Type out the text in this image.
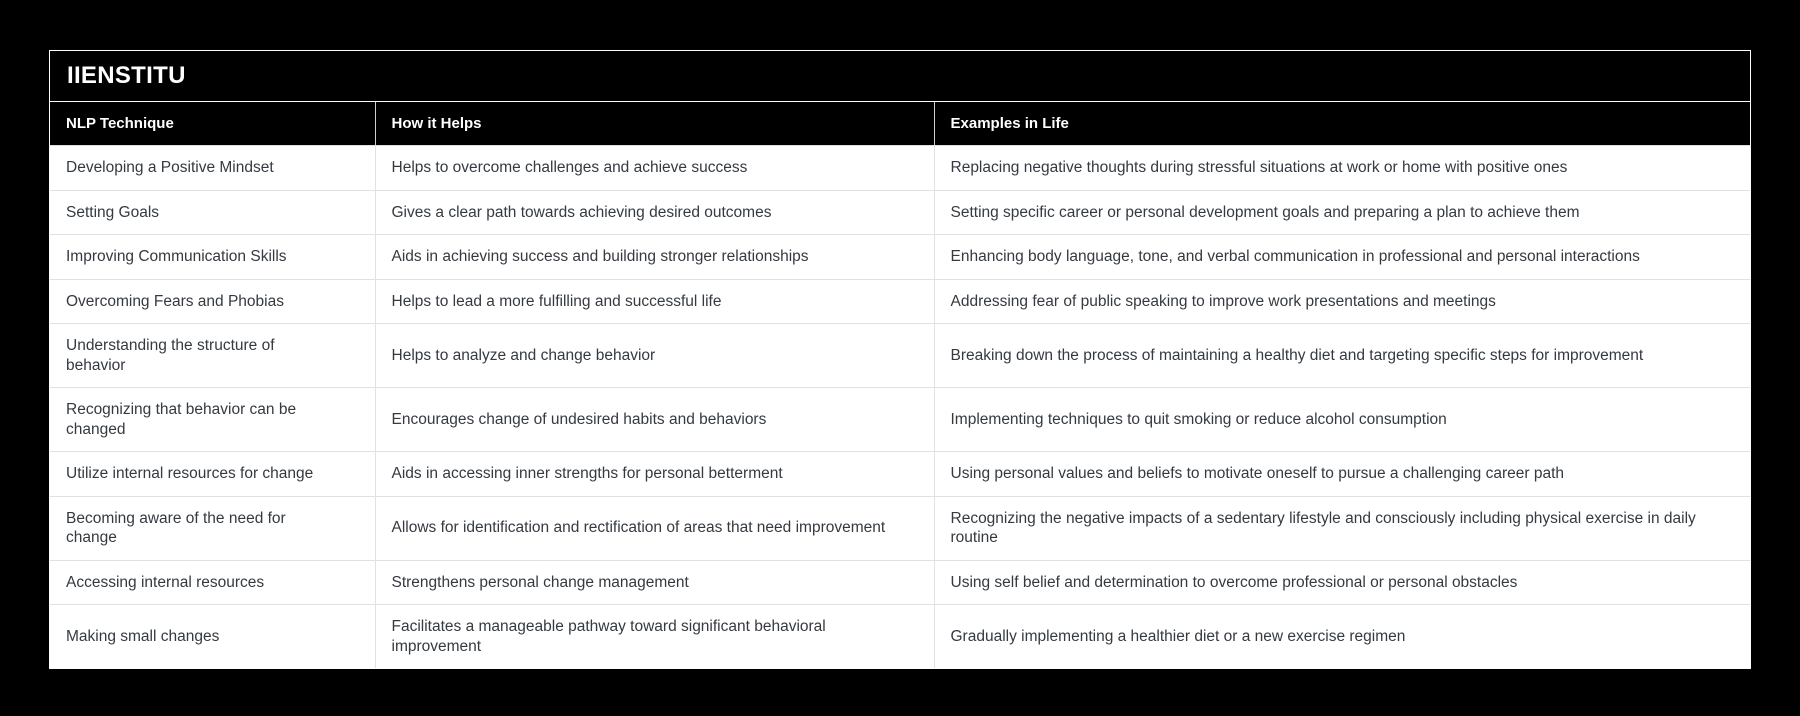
IIENSTITU
NLP Technique	How it Helps	Examples in Life
Developing a Positive Mindset	Helps to overcome challenges and achieve success	Replacing negative thoughts during stressful situations at work or home with positive ones
Setting Goals	Gives a clear path towards achieving desired outcomes	Setting specific career or personal development goals and preparing a plan to achieve them
Improving Communication Skills	Aids in achieving success and building stronger relationships	Enhancing body language, tone, and verbal communication in professional and personal interactions
Overcoming Fears and Phobias	Helps to lead a more fulfilling and successful life	Addressing fear of public speaking to improve work presentations and meetings
Understanding the structure of behavior	Helps to analyze and change behavior	Breaking down the process of maintaining a healthy diet and targeting specific steps for improvement
Recognizing that behavior can be changed	Encourages change of undesired habits and behaviors	Implementing techniques to quit smoking or reduce alcohol consumption
Utilize internal resources for change	Aids in accessing inner strengths for personal betterment	Using personal values and beliefs to motivate oneself to pursue a challenging career path
Becoming aware of the need for change	Allows for identification and rectification of areas that need improvement	Recognizing the negative impacts of a sedentary lifestyle and consciously including physical exercise in daily routine
Accessing internal resources	Strengthens personal change management	Using self belief and determination to overcome professional or personal obstacles
Making small changes	Facilitates a manageable pathway toward significant behavioral improvement	Gradually implementing a healthier diet or a new exercise regimen
